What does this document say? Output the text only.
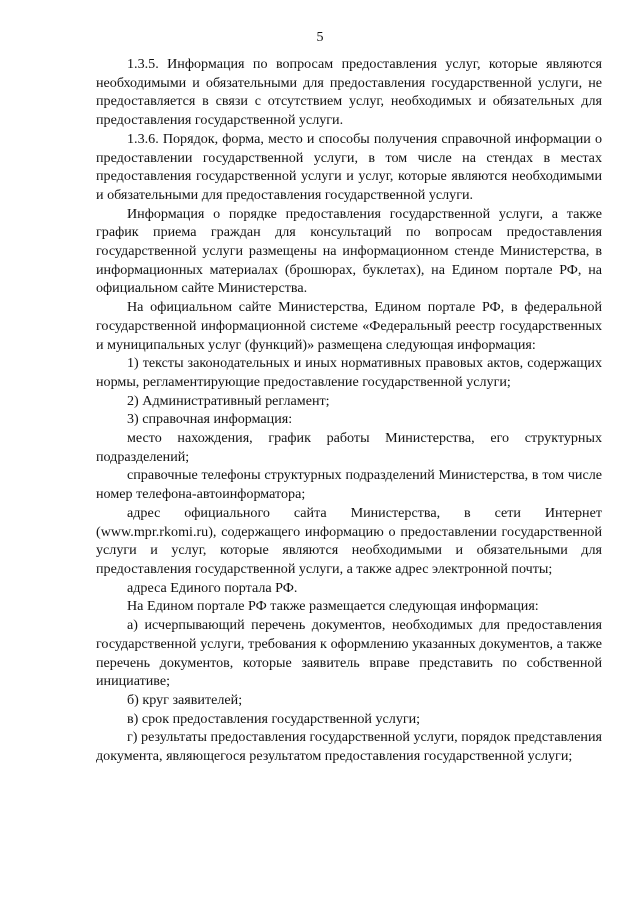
5

1.3.5. Информация по вопросам предоставления услуг, которые являются необходимыми и обязательными для предоставления государственной услуги, не предоставляется в связи с отсутствием услуг, необходимых и обязательных для предоставления государственной услуги.

1.3.6. Порядок, форма, место и способы получения справочной информации о предоставлении государственной услуги, в том числе на стендах в местах предоставления государственной услуги и услуг, которые являются необходимыми и обязательными для предоставления государственной услуги.

Информация о порядке предоставления государственной услуги, а также график приема граждан для консультаций по вопросам предоставления государственной услуги размещены на информационном стенде Министерства, в информационных материалах (брошюрах, буклетах), на Едином портале РФ, на официальном сайте Министерства.

На официальном сайте Министерства, Едином портале РФ, в федеральной государственной информационной системе «Федеральный реестр государственных и муниципальных услуг (функций)» размещена следующая информация:

1) тексты законодательных и иных нормативных правовых актов, содержащих нормы, регламентирующие предоставление государственной услуги;

2) Административный регламент;

3) справочная информация:

место нахождения, график работы Министерства, его структурных подразделений;

справочные телефоны структурных подразделений Министерства, в том числе номер телефона-автоинформатора;

адрес официального сайта Министерства, в сети Интернет (www.mpr.rkomi.ru), содержащего информацию о предоставлении государственной услуги и услуг, которые являются необходимыми и обязательными для предоставления государственной услуги, а также адрес электронной почты;

адреса Единого портала РФ.

На Едином портале РФ также размещается следующая информация:

а) исчерпывающий перечень документов, необходимых для предоставления государственной услуги, требования к оформлению указанных документов, а также перечень документов, которые заявитель вправе представить по собственной инициативе;

б) круг заявителей;

в) срок предоставления государственной услуги;

г) результаты предоставления государственной услуги, порядок представления документа, являющегося результатом предоставления государственной услуги;
